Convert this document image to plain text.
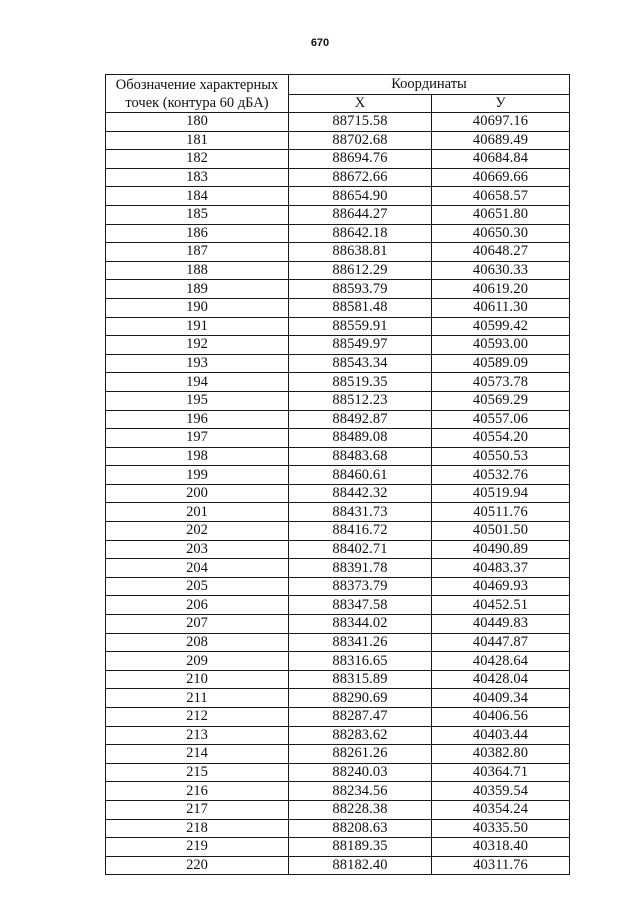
670
Обозначение характерных
точек (контура 60 дБА)	Координаты	
	X	У
180	88715.58	40697.16
181	88702.68	40689.49
182	88694.76	40684.84
183	88672.66	40669.66
184	88654.90	40658.57
185	88644.27	40651.80
186	88642.18	40650.30
187	88638.81	40648.27
188	88612.29	40630.33
189	88593.79	40619.20
190	88581.48	40611.30
191	88559.91	40599.42
192	88549.97	40593.00
193	88543.34	40589.09
194	88519.35	40573.78
195	88512.23	40569.29
196	88492.87	40557.06
197	88489.08	40554.20
198	88483.68	40550.53
199	88460.61	40532.76
200	88442.32	40519.94
201	88431.73	40511.76
202	88416.72	40501.50
203	88402.71	40490.89
204	88391.78	40483.37
205	88373.79	40469.93
206	88347.58	40452.51
207	88344.02	40449.83
208	88341.26	40447.87
209	88316.65	40428.64
210	88315.89	40428.04
211	88290.69	40409.34
212	88287.47	40406.56
213	88283.62	40403.44
214	88261.26	40382.80
215	88240.03	40364.71
216	88234.56	40359.54
217	88228.38	40354.24
218	88208.63	40335.50
219	88189.35	40318.40
220	88182.40	40311.76
